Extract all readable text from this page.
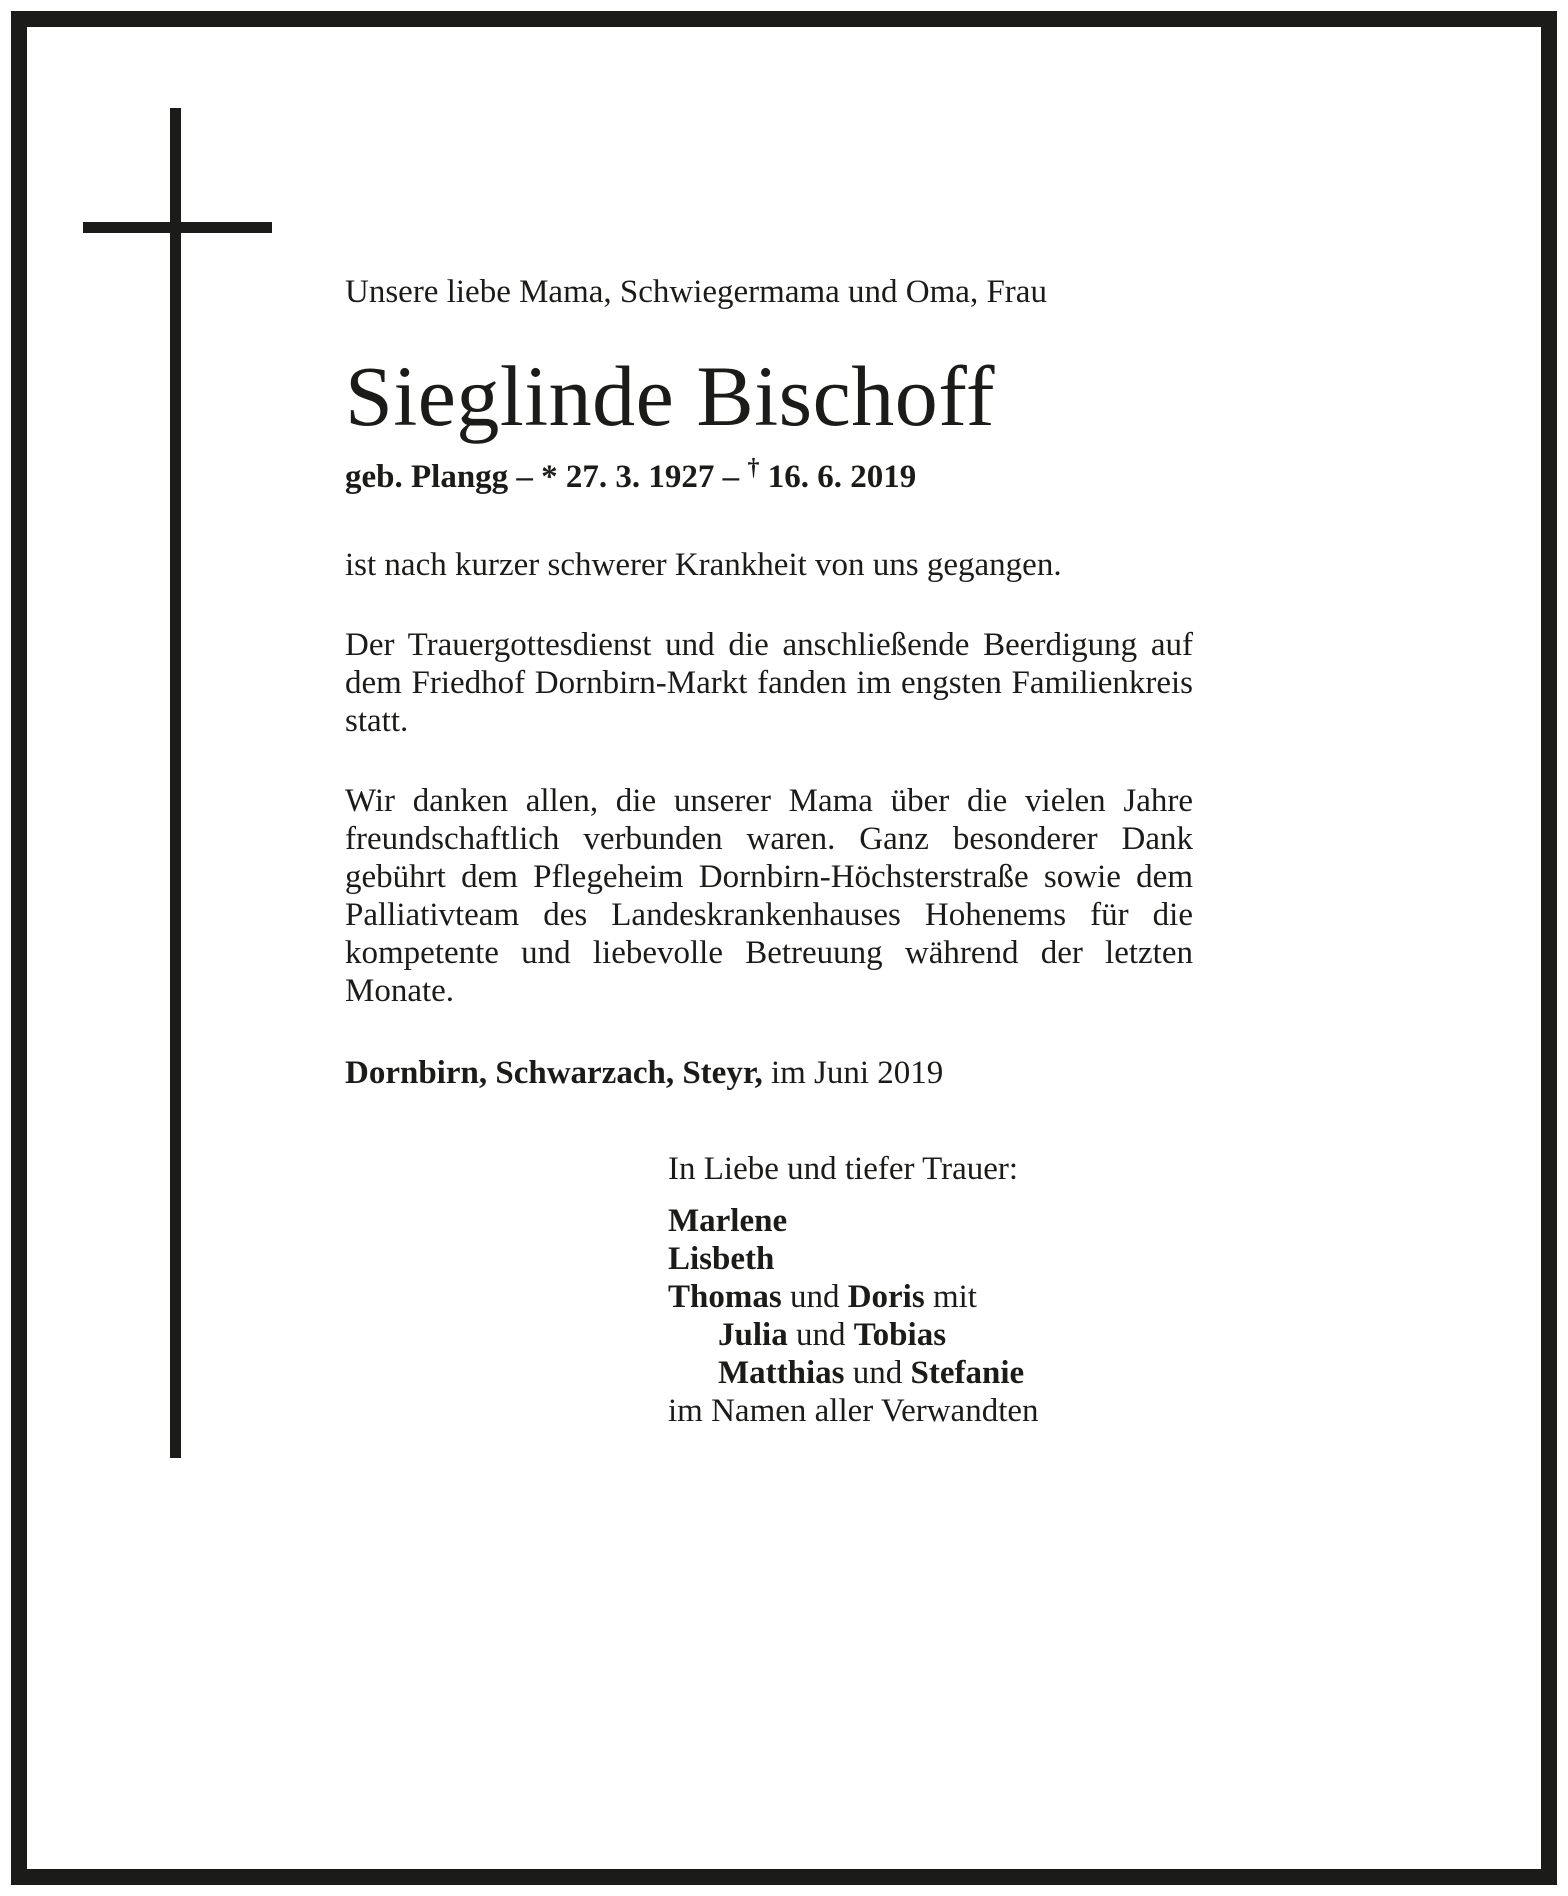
Unsere liebe Mama, Schwiegermama und Oma, Frau

Sieglinde Bischoff

geb. Plangg – * 27. 3. 1927 – † 16. 6. 2019

ist nach kurzer schwerer Krankheit von uns gegangen.

Der Trauergottesdienst und die anschließende Beerdigung auf dem Friedhof Dornbirn-Markt fanden im engsten Familienkreis statt.

Wir danken allen, die unserer Mama über die vielen Jahre freundschaftlich verbunden waren. Ganz besonderer Dank gebührt dem Pflegeheim Dornbirn-Höchsterstraße sowie dem Palliativteam des Landeskrankenhauses Hohenems für die kompetente und liebevolle Betreuung während der letzten Monate.

Dornbirn, Schwarzach, Steyr, im Juni 2019

In Liebe und tiefer Trauer:

Marlene

Lisbeth

Thomas und Doris mit

Julia und Tobias

Matthias und Stefanie

im Namen aller Verwandten
